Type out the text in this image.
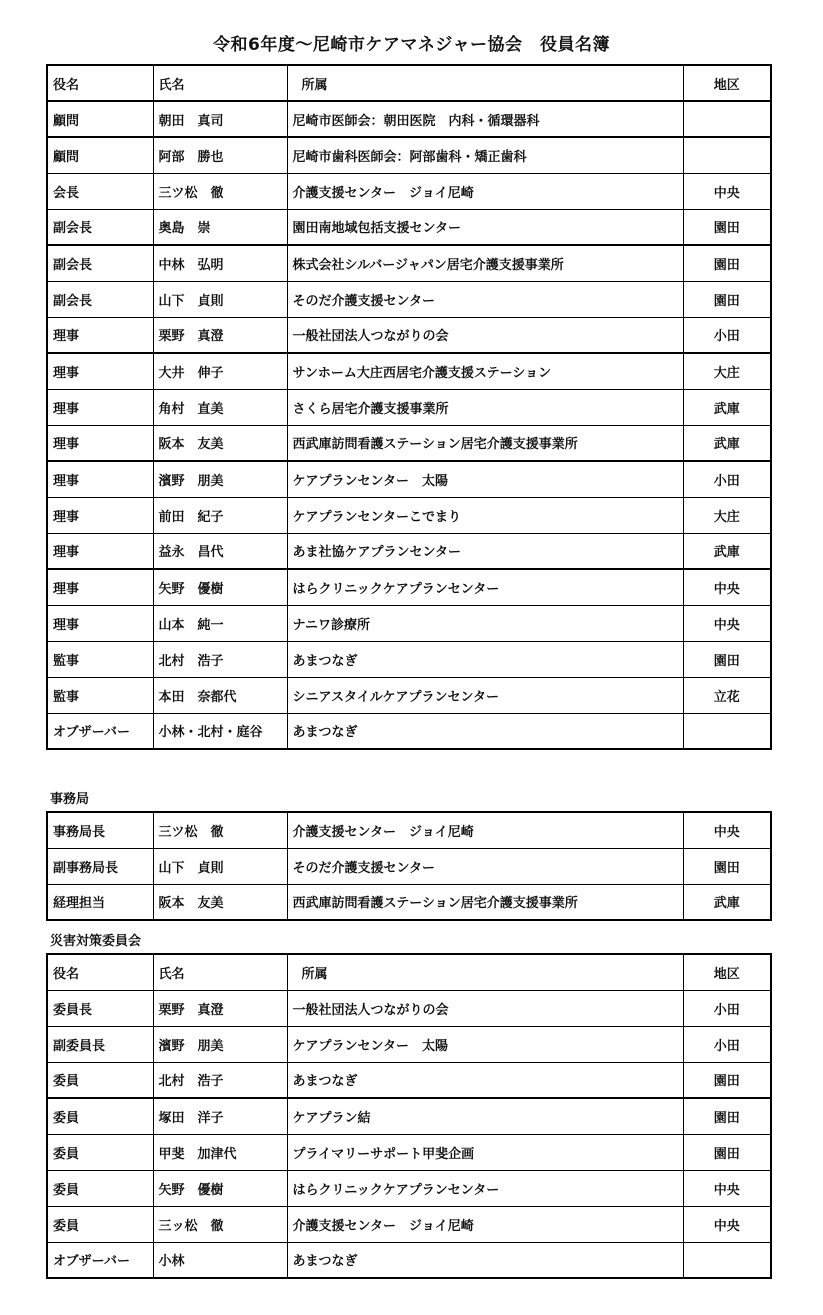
令和6年度～尼崎市ケアマネジャー協会　役員名簿
役名	氏名	所属	地区
顧問	朝田　真司	尼崎市医師会：朝田医院　内科・循環器科	
顧問	阿部　勝也	尼崎市歯科医師会：阿部歯科・矯正歯科	
会長	三ツ松　徹	介護支援センター　ジョイ尼崎	中央
副会長	奥島　崇	園田南地域包括支援センター	園田
副会長	中林　弘明	株式会社シルバージャパン居宅介護支援事業所	園田
副会長	山下　貞則	そのだ介護支援センター	園田
理事	栗野　真澄	一般社団法人つながりの会	小田
理事	大井　伸子	サンホーム大庄西居宅介護支援ステーション	大庄
理事	角村　直美	さくら居宅介護支援事業所	武庫
理事	阪本　友美	西武庫訪問看護ステーション居宅介護支援事業所	武庫
理事	濱野　朋美	ケアプランセンター　太陽	小田
理事	前田　紀子	ケアプランセンターこでまり	大庄
理事	益永　昌代	あま社協ケアプランセンター	武庫
理事	矢野　優樹	はらクリニックケアプランセンター	中央
理事	山本　純一	ナニワ診療所	中央
監事	北村　浩子	あまつなぎ	園田
監事	本田　奈都代	シニアスタイルケアプランセンター	立花
オブザーバー	小林・北村・庭谷	あまつなぎ	
事務局
事務局長	三ツ松　徹	介護支援センター　ジョイ尼崎	中央
副事務局長	山下　貞則	そのだ介護支援センター	園田
経理担当	阪本　友美	西武庫訪問看護ステーション居宅介護支援事業所	武庫
災害対策委員会
役名	氏名	所属	地区
委員長	栗野　真澄	一般社団法人つながりの会	小田
副委員長	濱野　朋美	ケアプランセンター　太陽	小田
委員	北村　浩子	あまつなぎ	園田
委員	塚田　洋子	ケアプラン結	園田
委員	甲斐　加津代	プライマリーサポート甲斐企画	園田
委員	矢野　優樹	はらクリニックケアプランセンター	中央
委員	三ッ松　徹	介護支援センター　ジョイ尼崎	中央
オブザーバー	小林	あまつなぎ	
